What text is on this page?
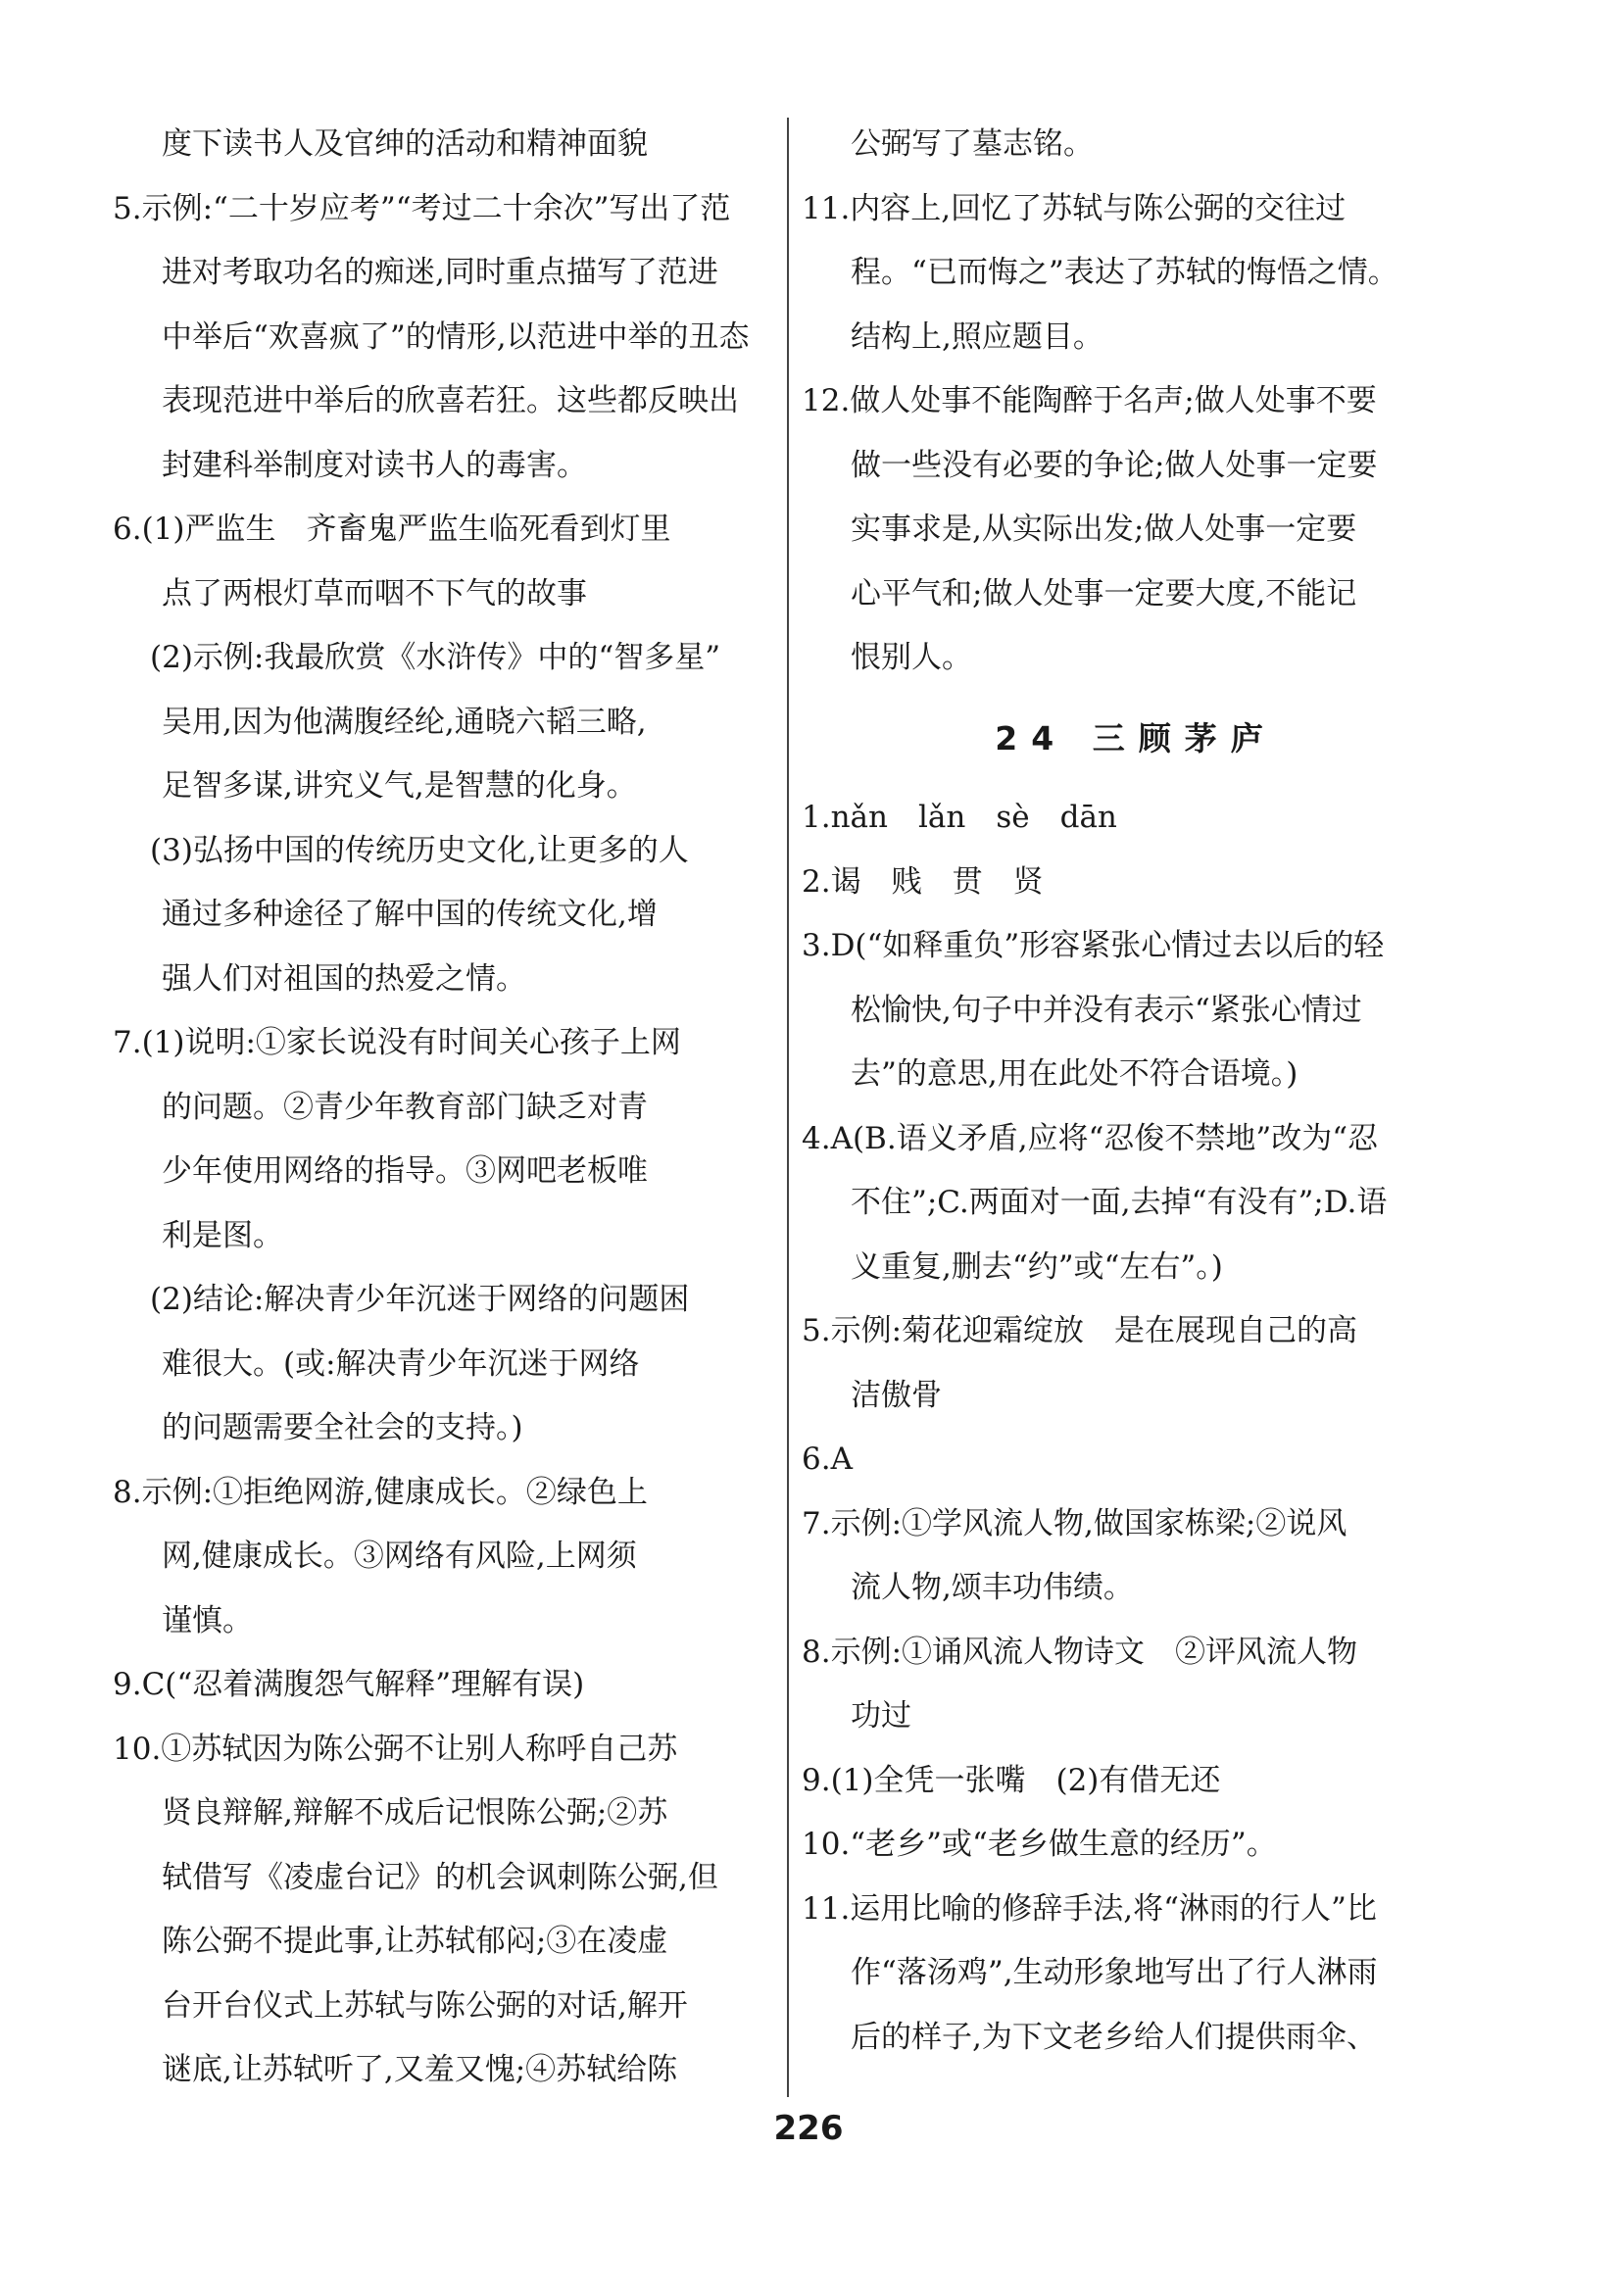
度下读书人及官绅的活动和精神面貌
5.示例:“二十岁应考”“考过二十余次”写出了范
进对考取功名的痴迷,同时重点描写了范进
中举后“欢喜疯了”的情形,以范进中举的丑态
表现范进中举后的欣喜若狂。这些都反映出
封建科举制度对读书人的毒害。
6.(1)严监生　齐畜鬼严监生临死看到灯里
点了两根灯草而咽不下气的故事
(2)示例:我最欣赏《水浒传》中的“智多星”
吴用,因为他满腹经纶,通晓六韬三略,
足智多谋,讲究义气,是智慧的化身。
(3)弘扬中国的传统历史文化,让更多的人
通过多种途径了解中国的传统文化,增
强人们对祖国的热爱之情。
7.(1)说明:①家长说没有时间关心孩子上网
的问题。②青少年教育部门缺乏对青
少年使用网络的指导。③网吧老板唯
利是图。
(2)结论:解决青少年沉迷于网络的问题困
难很大。(或:解决青少年沉迷于网络
的问题需要全社会的支持。)
8.示例:①拒绝网游,健康成长。②绿色上
网,健康成长。③网络有风险,上网须
谨慎。
9.C(“忍着满腹怨气解释”理解有误)
10.①苏轼因为陈公弼不让别人称呼自己苏
贤良辩解,辩解不成后记恨陈公弼;②苏
轼借写《凌虚台记》的机会讽刺陈公弼,但
陈公弼不提此事,让苏轼郁闷;③在凌虚
台开台仪式上苏轼与陈公弼的对话,解开
谜底,让苏轼听了,又羞又愧;④苏轼给陈
公弼写了墓志铭。
11.内容上,回忆了苏轼与陈公弼的交往过
程。“已而悔之”表达了苏轼的悔悟之情。
结构上,照应题目。
12.做人处事不能陶醉于名声;做人处事不要
做一些没有必要的争论;做人处事一定要
实事求是,从实际出发;做人处事一定要
心平气和;做人处事一定要大度,不能记
恨别人。
24 三顾茅庐
1.nǎn　lǎn　sè　dān
2.谒　贱　贯　贤
3.D(“如释重负”形容紧张心情过去以后的轻
松愉快,句子中并没有表示“紧张心情过
去”的意思,用在此处不符合语境。)
4.A(B.语义矛盾,应将“忍俊不禁地”改为“忍
不住”;C.两面对一面,去掉“有没有”;D.语
义重复,删去“约”或“左右”。)
5.示例:菊花迎霜绽放　是在展现自己的高
洁傲骨
6.A
7.示例:①学风流人物,做国家栋梁;②说风
流人物,颂丰功伟绩。
8.示例:①诵风流人物诗文　②评风流人物
功过
9.(1)全凭一张嘴　(2)有借无还
10.“老乡”或“老乡做生意的经历”。
11.运用比喻的修辞手法,将“淋雨的行人”比
作“落汤鸡”,生动形象地写出了行人淋雨
后的样子,为下文老乡给人们提供雨伞、
226
